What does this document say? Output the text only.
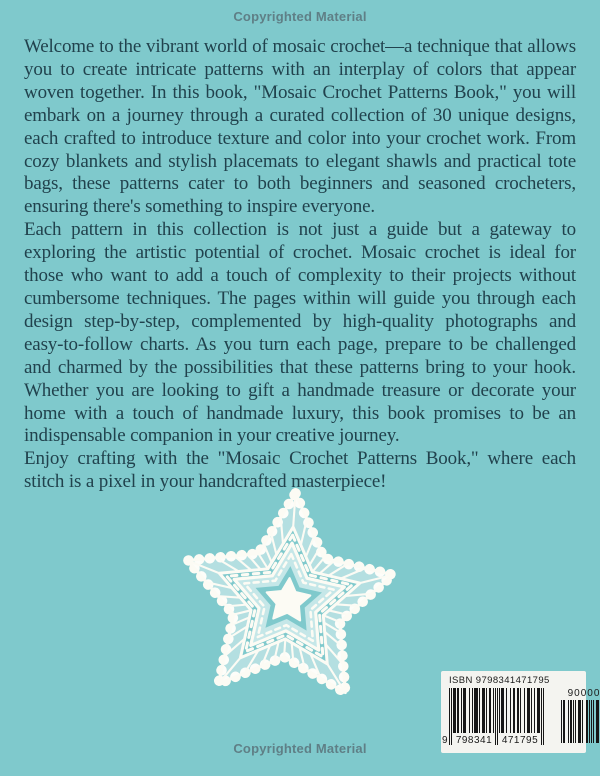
Copyrighted Material

Welcome to the vibrant world of mosaic crochet—a technique that allows you to create intricate patterns with an interplay of colors that appear woven together. In this book, "Mosaic Crochet Patterns Book," you will embark on a journey through a curated collection of 30 unique designs, each crafted to introduce texture and color into your crochet work. From cozy blankets and stylish placemats to elegant shawls and practical tote bags, these patterns cater to both beginners and seasoned crocheters, ensuring there's something to inspire everyone.

Each pattern in this collection is not just a guide but a gateway to exploring the artistic potential of crochet. Mosaic crochet is ideal for those who want to add a touch of complexity to their projects without cumbersome techniques. The pages within will guide you through each design step-by-step, complemented by high-quality photographs and easy-to-follow charts. As you turn each page, prepare to be challenged and charmed by the possibilities that these patterns bring to your hook. Whether you are looking to gift a handmade treasure or decorate your home with a touch of handmade luxury, this book promises to be an indispensable companion in your creative journey.

Enjoy crafting with the "Mosaic Crochet Patterns Book," where each stitch is a pixel in your handcrafted masterpiece!

ISBN 9798341471795
9 798341 471795
90000
Copyrighted Material
